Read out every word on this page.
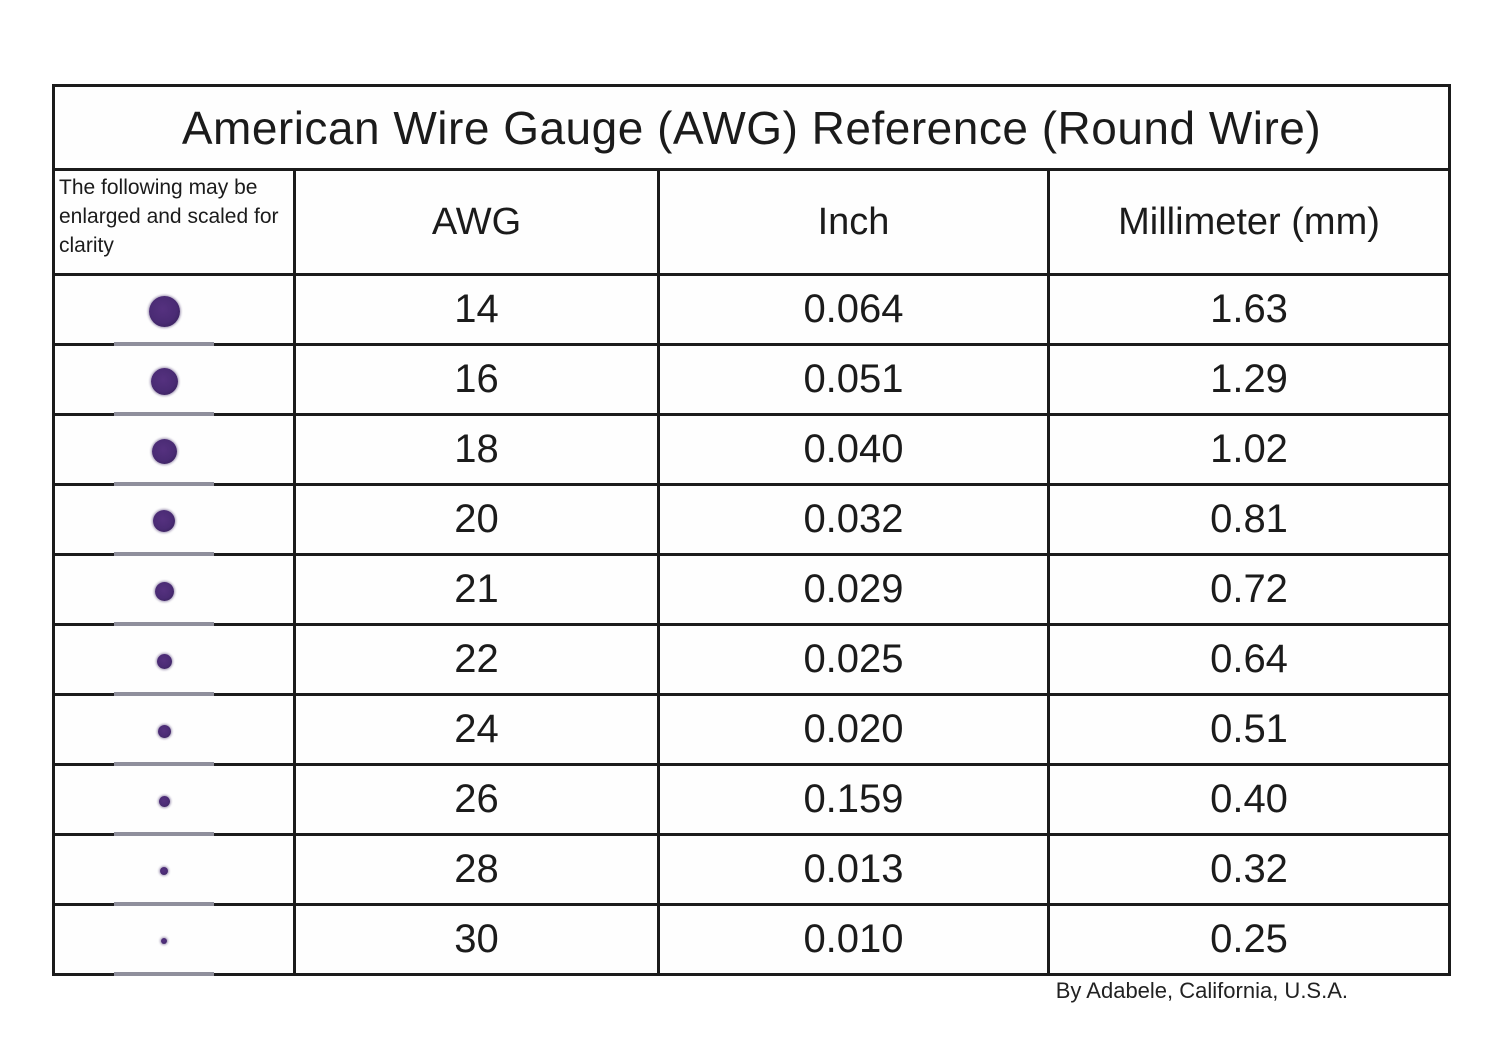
American Wire Gauge (AWG) Reference (Round Wire)			
The following may be enlarged and scaled for clarity	AWG	Inch	Millimeter (mm)

	14	0.064	1.63

	16	0.051	1.29

	18	0.040	1.02

	20	0.032	0.81

	21	0.029	0.72

	22	0.025	0.64

	24	0.020	0.51

	26	0.159	0.40

	28	0.013	0.32

	30	0.010	0.25
By Adabele, California, U.S.A.
